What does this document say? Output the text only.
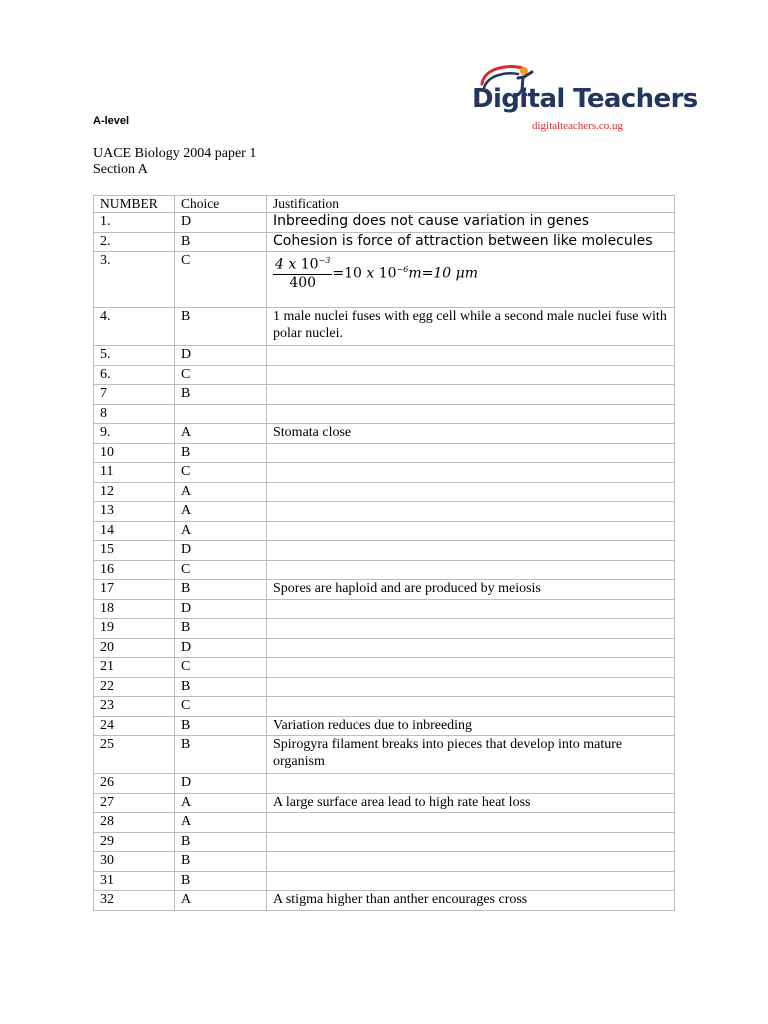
A-level
Digital Teachers
digitalteachers.co.ug
UACE Biology 2004 paper 1
Section A
NUMBER	Choice	Justification
1.	D	Inbreeding does not cause variation in genes
2.	B	Cohesion is force of attraction between like molecules
3.	C	$\frac{4 x 10^{-3}}{400} =10$ x $10^{-6}m=10$ μm
4.	B	1 male nuclei fuses with egg cell while a second male nuclei fuse with polar nuclei.
5.	D	
6.	C	
7	B	
8		
9.	A	Stomata close
10	B	
11	C	
12	A	
13	A	
14	A	
15	D	
16	C	
17	B	Spores are haploid and are produced by meiosis
18	D	
19	B	
20	D	
21	C	
22	B	
23	C	
24	B	Variation reduces due to inbreeding
25	B	Spirogyra filament breaks into pieces that develop into mature organism
26	D	
27	A	A large surface area lead to high rate heat loss
28	A	
29	B	
30	B	
31	B	
32	A	A stigma higher than anther encourages cross
